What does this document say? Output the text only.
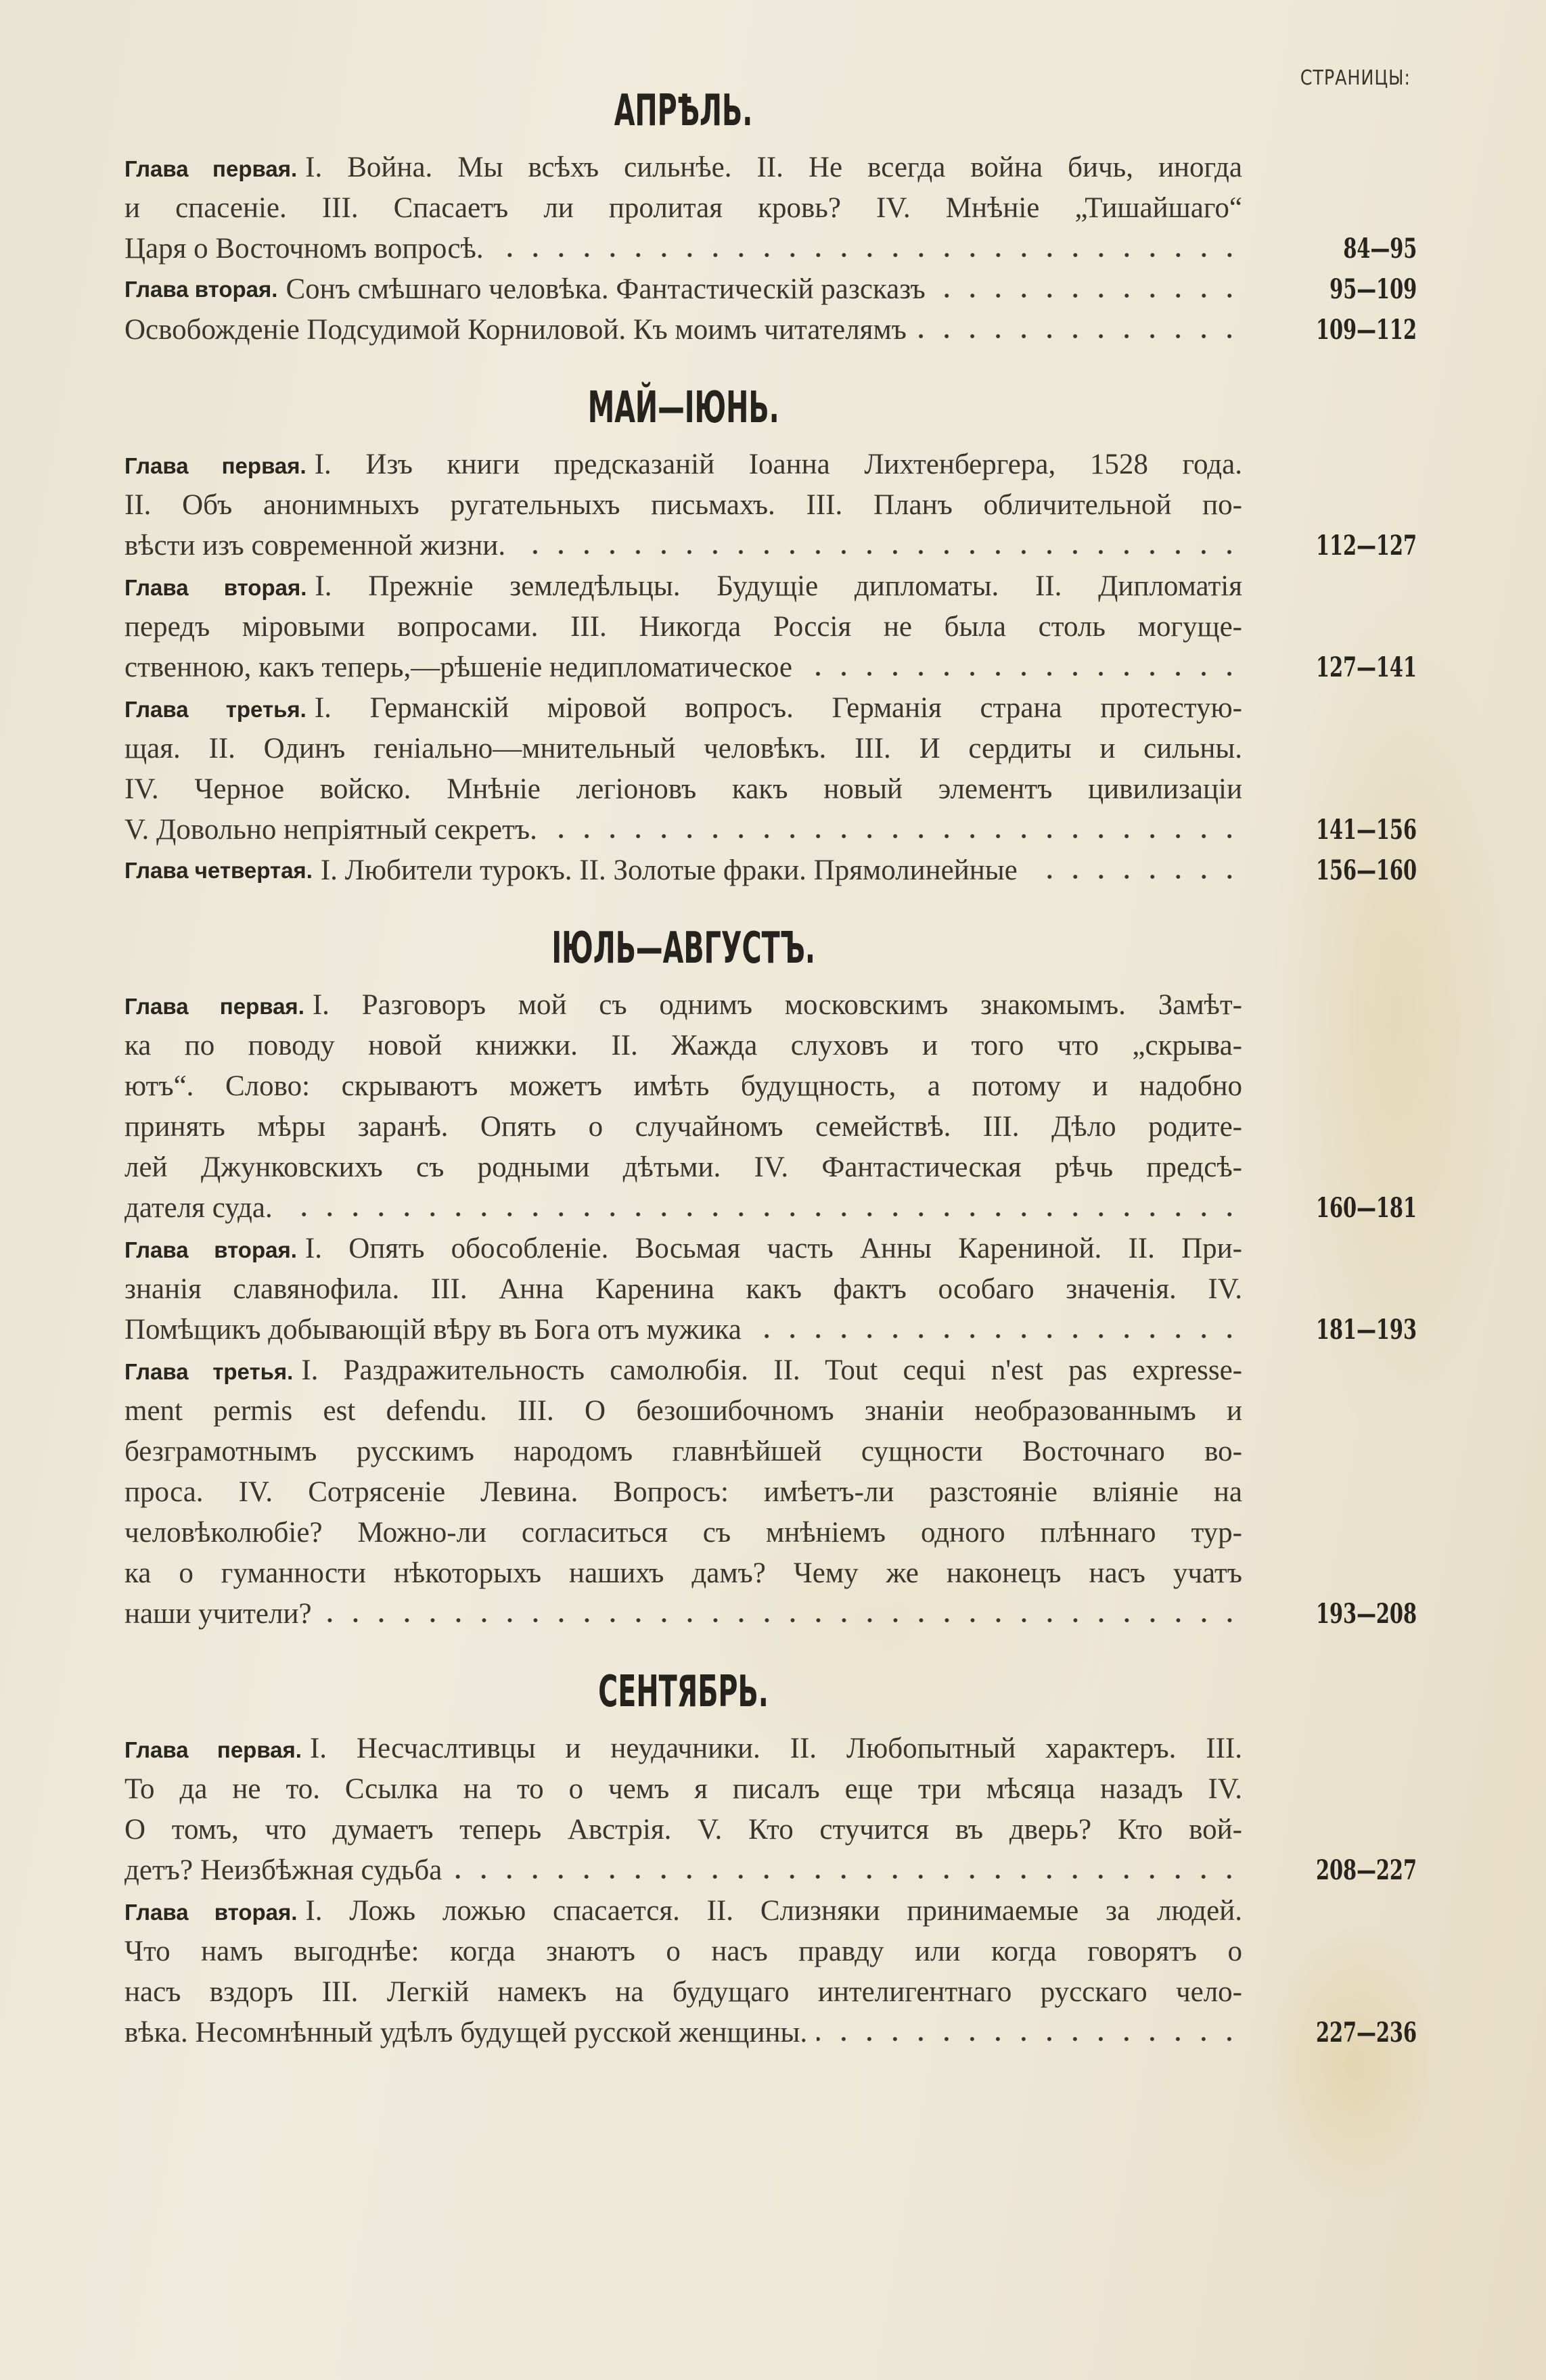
СТРАНИЦЫ:
АПРѢЛЬ.
Глава первая. I. Война. Мы всѣхъ сильнѣе. II. Не всегда война бичь, иногда
и спасеніе. III. Спасаетъ ли пролитая кровь? IV. Мнѣніе „Тишайшаго“
Царя о Восточномъ вопросѣ.	84—95
Глава вторая. Сонъ смѣшнаго человѣка. Фантастическій разсказъ	95—109
Освобожденіе Подсудимой Корниловой. Къ моимъ читателямъ	109—112
МАЙ—ІЮНЬ.
Глава первая. I. Изъ книги предсказаній Іоанна Лихтенбергера, 1528 года.
II. Объ анонимныхъ ругательныхъ письмахъ. III. Планъ обличительной по-
вѣсти изъ современной жизни.	112—127
Глава вторая. I. Прежніе земледѣльцы. Будущіе дипломаты. II. Дипломатія
передъ міровыми вопросами. III. Никогда Россія не была столь могуще-
ственною, какъ теперь,—рѣшеніе недипломатическое	127—141
Глава третья. I. Германскій міровой вопросъ. Германія страна протестую-
щая. II. Одинъ геніально—мнительный человѣкъ. III. И сердиты и сильны.
IV. Черное войско. Мнѣніе легіоновъ какъ новый элементъ цивилизаціи
V. Довольно непріятный секретъ.	141—156
Глава четвертая. I. Любители турокъ. II. Золотые фраки. Прямолинейные	156—160
ІЮЛЬ—АВГУСТЪ.
Глава первая. I. Разговоръ мой съ однимъ московскимъ знакомымъ. Замѣт-
ка по поводу новой книжки. II. Жажда слуховъ и того что „скрыва-
ютъ“. Слово: скрываютъ можетъ имѣть будущность, а потому и надобно
принять мѣры заранѣ. Опять о случайномъ семействѣ. III. Дѣло родите-
лей Джунковскихъ съ родными дѣтьми. IV. Фантастическая рѣчь предсѣ-
дателя суда.	160—181
Глава вторая. I. Опять обособленіе. Восьмая часть Анны Карениной. II. При-
знанія славянофила. III. Анна Каренина какъ фактъ особаго значенія. IV.
Помѣщикъ добывающій вѣру въ Бога отъ мужика	181—193
Глава третья. I. Раздражительность самолюбія. II. Tout cequi n'est pas expresse-
ment permis est defendu. III. О безошибочномъ знаніи необразованнымъ и
безграмотнымъ русскимъ народомъ главнѣйшей сущности Восточнаго во-
проса. IV. Сотрясеніе Левина. Вопросъ: имѣетъ-ли разстояніе вліяніе на
человѣколюбіе? Можно-ли согласиться съ мнѣніемъ одного плѣннаго тур-
ка о гуманности нѣкоторыхъ нашихъ дамъ? Чему же наконецъ насъ учатъ
наши учители?	193—208
СЕНТЯБРЬ.
Глава первая. I. Несчаслтивцы и неудачники. II. Любопытный характеръ. III.
То да не то. Ссылка на то о чемъ я писалъ еще три мѣсяца назадъ IV.
О томъ, что думаетъ теперь Австрія. V. Кто стучится въ дверь? Кто вой-
детъ? Неизбѣжная судьба	208—227
Глава вторая. I. Ложь ложью спасается. II. Слизняки принимаемые за людей.
Что намъ выгоднѣе: когда знаютъ о насъ правду или когда говорятъ о
насъ вздоръ III. Легкій намекъ на будущаго интелигентнаго русскаго чело-
вѣка. Несомнѣнный удѣлъ будущей русской женщины.	227—236
